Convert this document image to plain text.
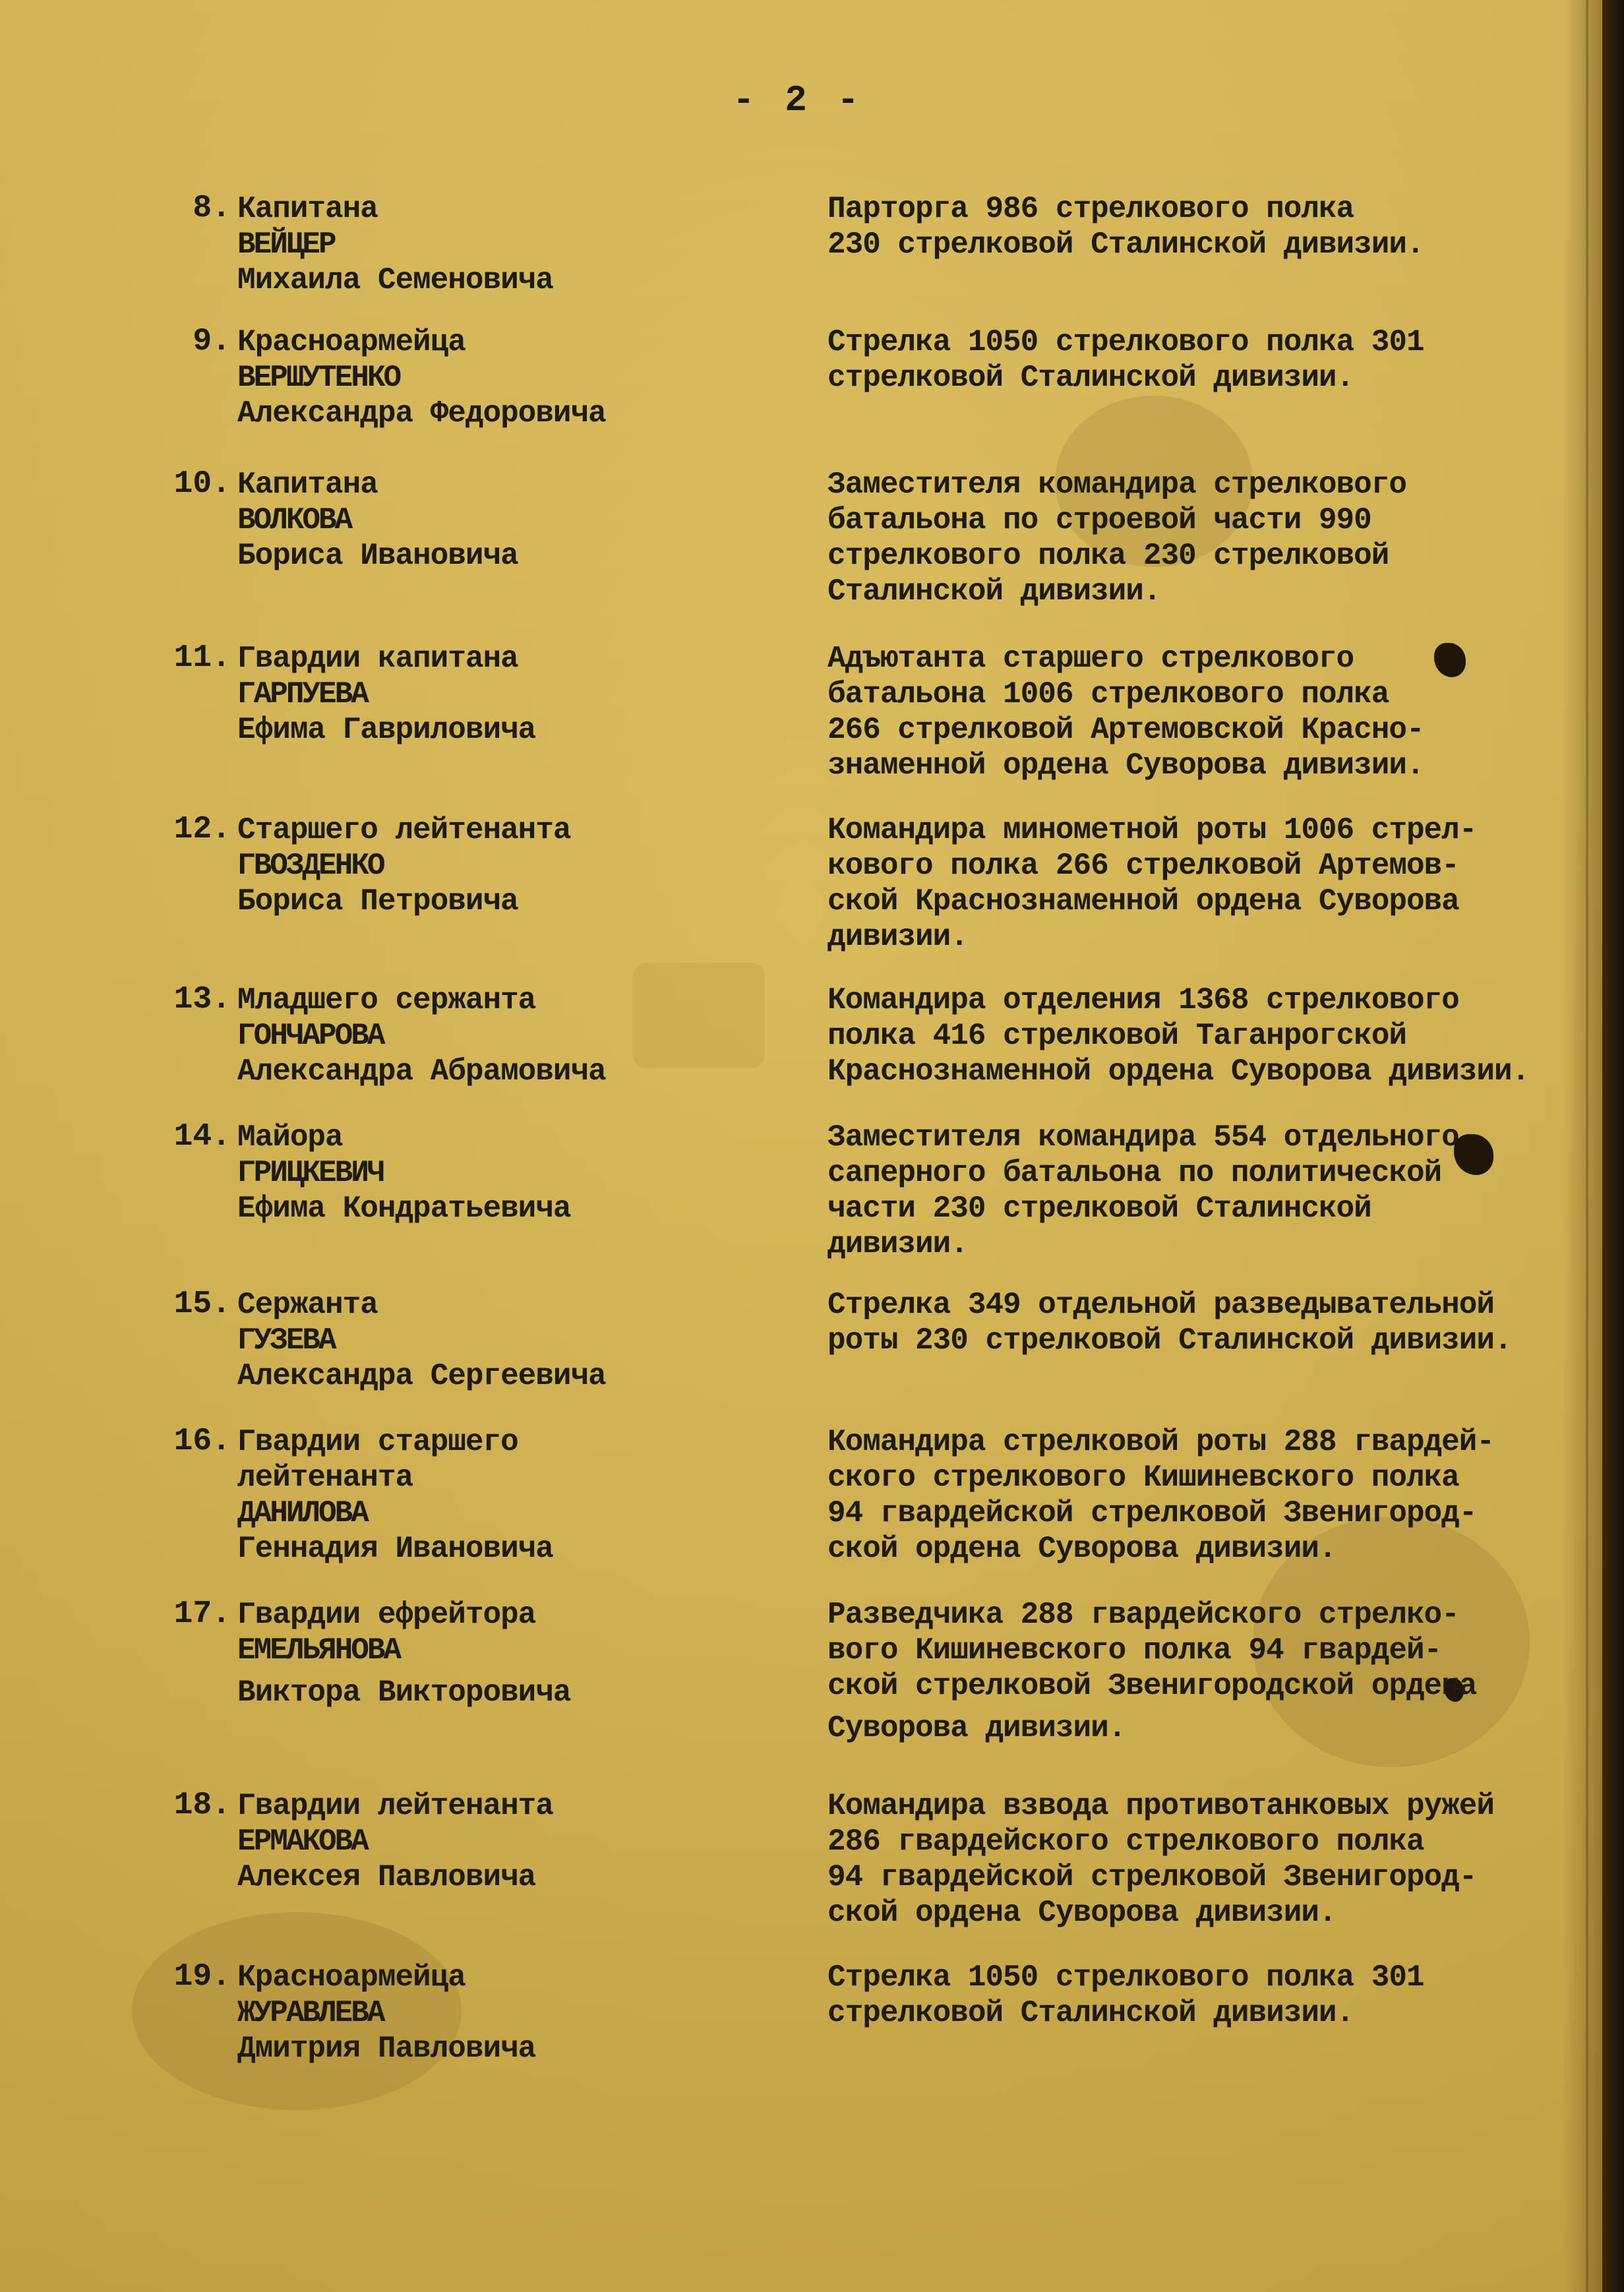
- 2 -
8. Капитана
ВЕЙЦЕР
Михаила Семеновича
Парторга 986 стрелкового полка
230 стрелковой Сталинской дивизии.
9. Красноармейца
ВЕРШУТЕНКО
Александра Федоровича
Стрелка 1050 стрелкового полка 301
стрелковой Сталинской дивизии.
10. Капитана
ВОЛКОВА
Бориса Ивановича
Заместителя командира стрелкового
батальона по строевой части 990
стрелкового полка 230 стрелковой
Сталинской дивизии.
11. Гвардии капитана
ГАРПУЕВА
Ефима Гавриловича
Адъютанта старшего стрелкового
батальона 1006 стрелкового полка
266 стрелковой Артемовской Красно-
знаменной ордена Суворова дивизии.
12. Старшего лейтенанта
ГВОЗДЕНКО
Бориса Петровича
Командира минометной роты 1006 стрел-
кового полка 266 стрелковой Артемов-
ской Краснознаменной ордена Суворова
дивизии.
13. Младшего сержанта
ГОНЧАРОВА
Александра Абрамовича
Командира отделения 1368 стрелкового
полка 416 стрелковой Таганрогской
Краснознаменной ордена Суворова дивизии.
14. Майора
ГРИЦКЕВИЧ
Ефима Кондратьевича
Заместителя командира 554 отдельного
саперного батальона по политической
части 230 стрелковой Сталинской
дивизии.
15. Сержанта
ГУЗЕВА
Александра Сергеевича
Стрелка 349 отдельной разведывательной
роты 230 стрелковой Сталинской дивизии.
16. Гвардии старшего
лейтенанта
ДАНИЛОВА
Геннадия Ивановича
Командира стрелковой роты 288 гвардей-
ского стрелкового Кишиневского полка
94 гвардейской стрелковой Звенигород-
ской ордена Суворова дивизии.
17. Гвардии ефрейтора
ЕМЕЛЬЯНОВА
Виктора Викторовича
Разведчика 288 гвардейского стрелко-
вого Кишиневского полка 94 гвардей-
ской стрелковой Звенигородской ордена
Суворова дивизии.
18. Гвардии лейтенанта
ЕРМАКОВА
Алексея Павловича
Командира взвода противотанковых ружей
286 гвардейского стрелкового полка
94 гвардейской стрелковой Звенигород-
ской ордена Суворова дивизии.
19. Красноармейца
ЖУРАВЛЕВА
Дмитрия Павловича
Стрелка 1050 стрелкового полка 301
стрелковой Сталинской дивизии.
